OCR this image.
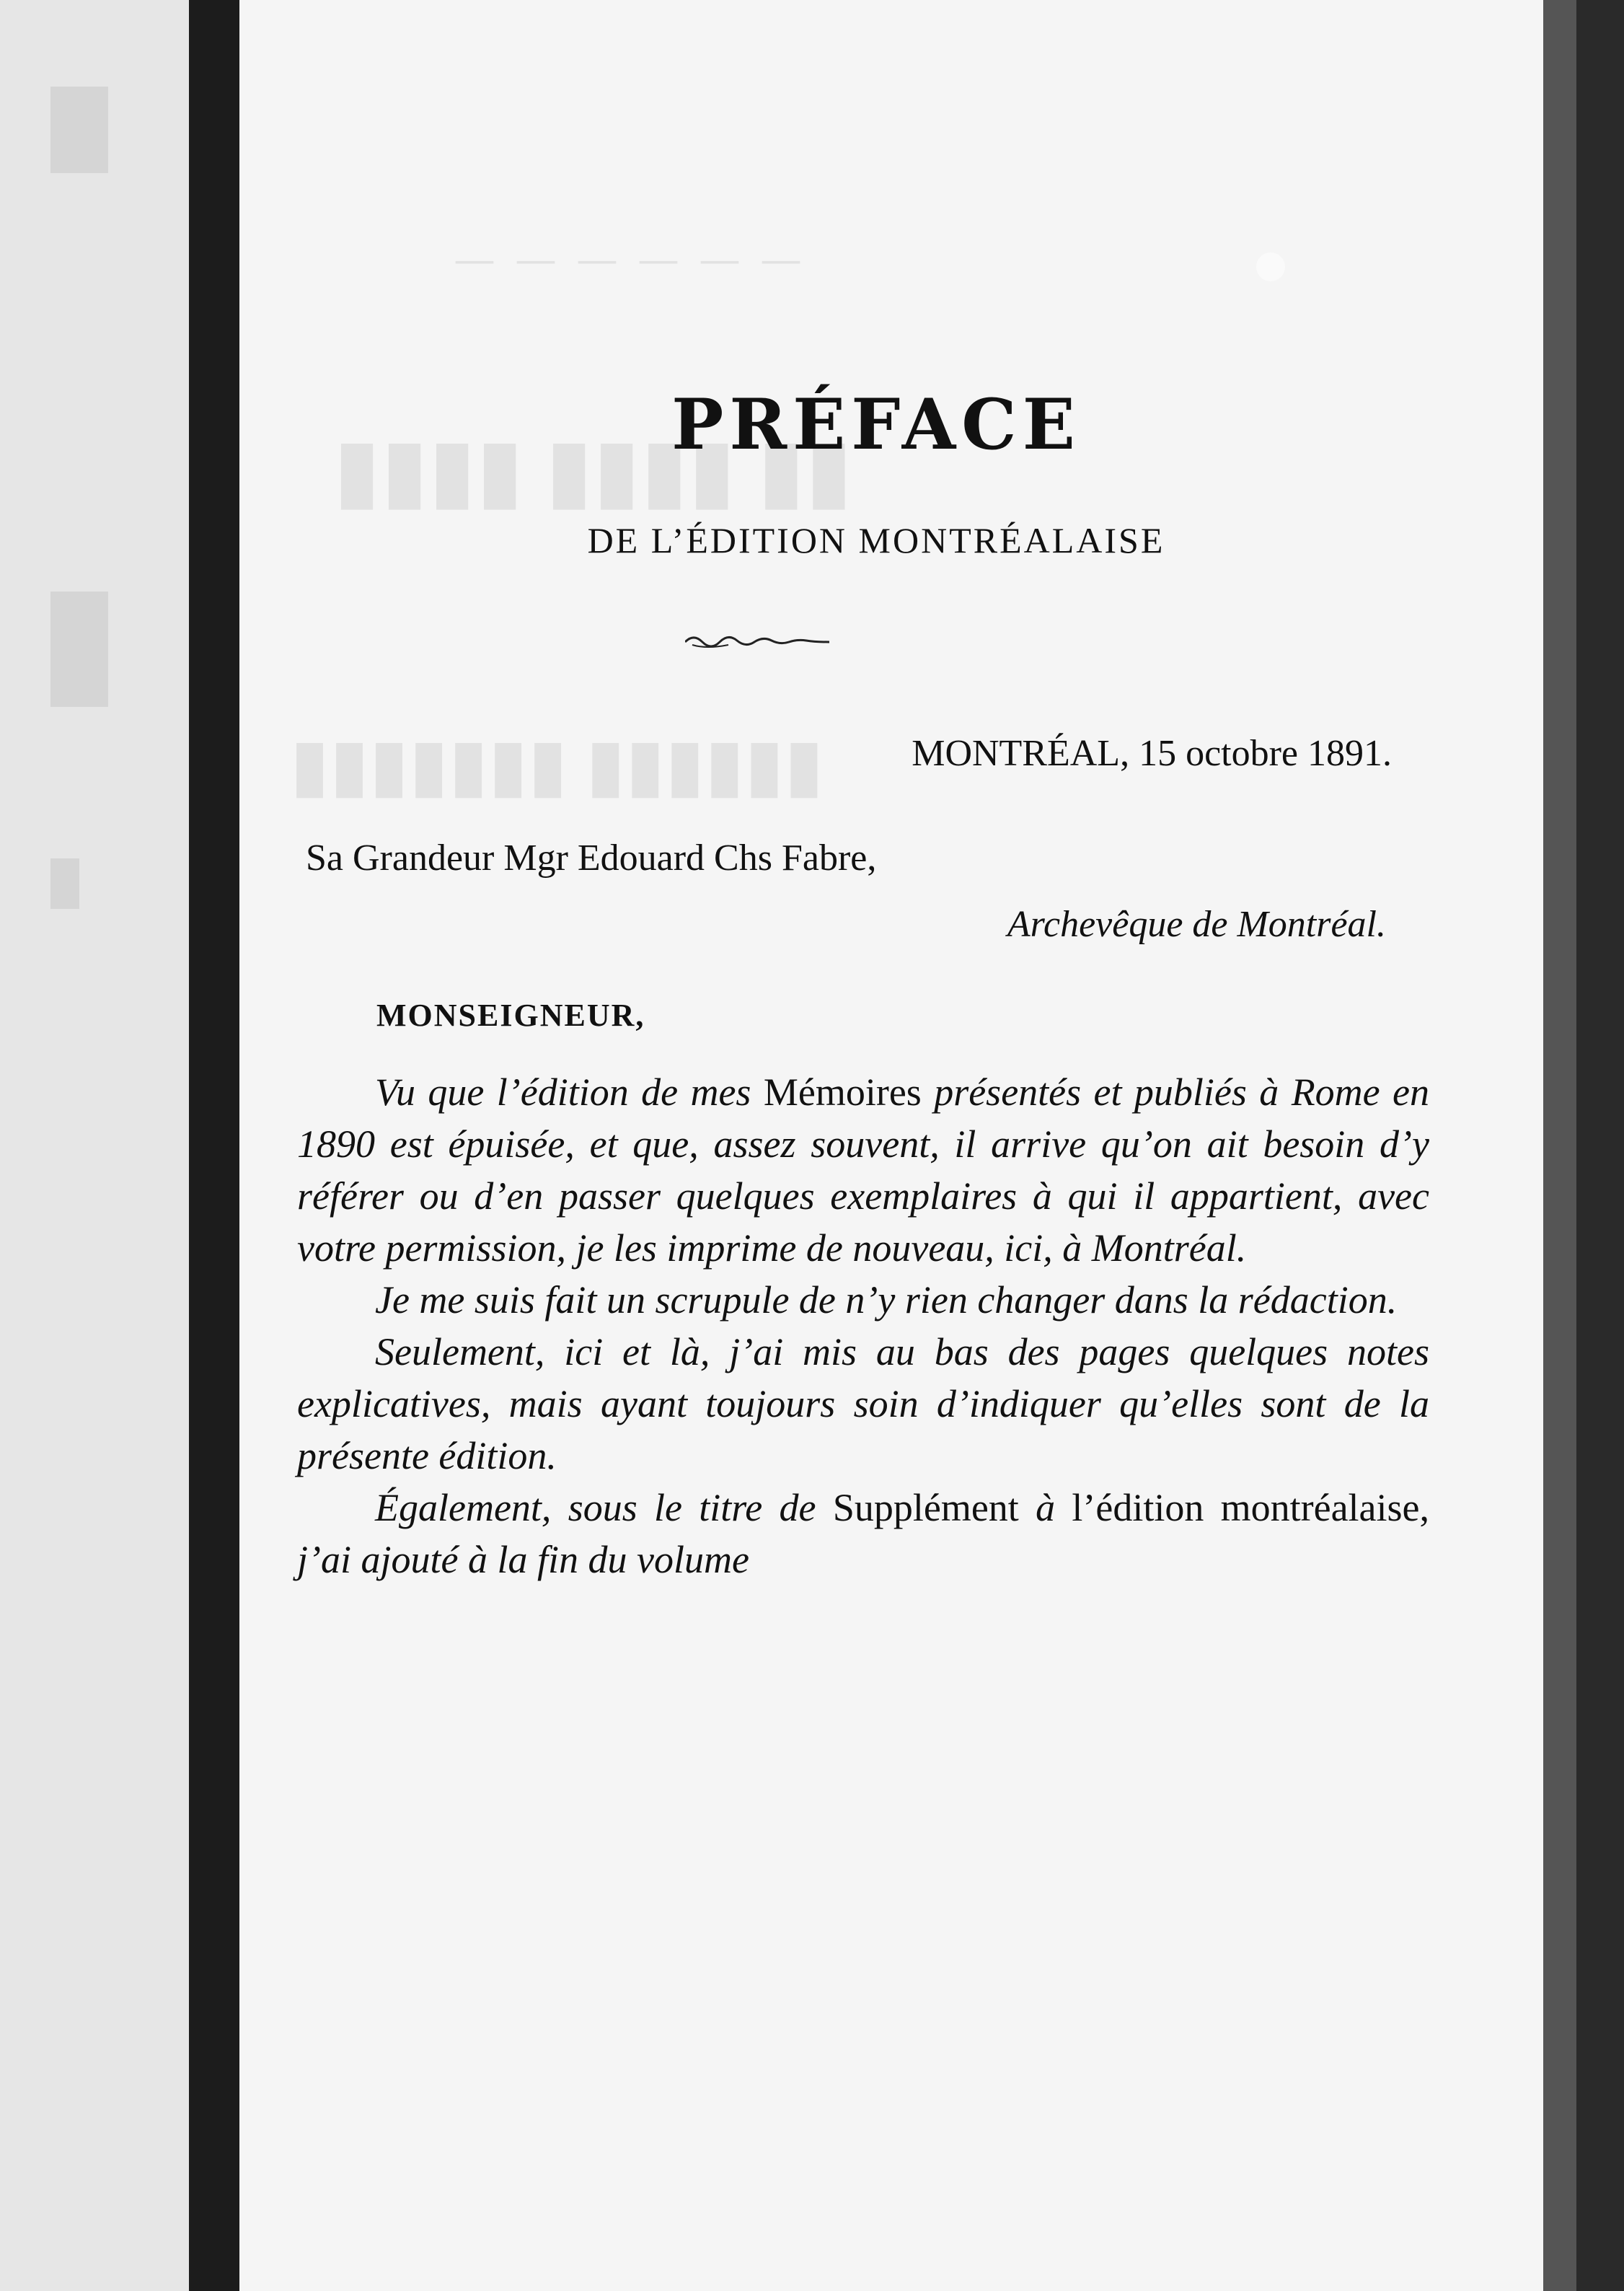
— — — — — —
▮▮▮▮ ▮▮▮▮ ▮▮
▮▮▮▮▮▮▮ ▮▮▮▮▮▮
PRÉFACE
DE L’ÉDITION MONTRÉALAISE
MONTRÉAL, 15 octobre 1891.
Sa Grandeur Mgr Edouard Chs Fabre,
Archevêque de Montréal.
MONSEIGNEUR,

Vu que l’édition de mes Mémoires présentés et publiés à Rome en 1890 est épuisée, et que, assez souvent, il arrive qu’on ait besoin d’y référer ou d’en passer quelques exemplaires à qui il appartient, avec votre permission, je les imprime de nouveau, ici, à Montréal.

Je me suis fait un scrupule de n’y rien changer dans la rédaction.

Seulement, ici et là, j’ai mis au bas des pages quelques notes explicatives, mais ayant toujours soin d’indiquer qu’elles sont de la présente édition.

Également, sous le titre de Supplément à l’édition montréalaise, j’ai ajouté à la fin du volume
